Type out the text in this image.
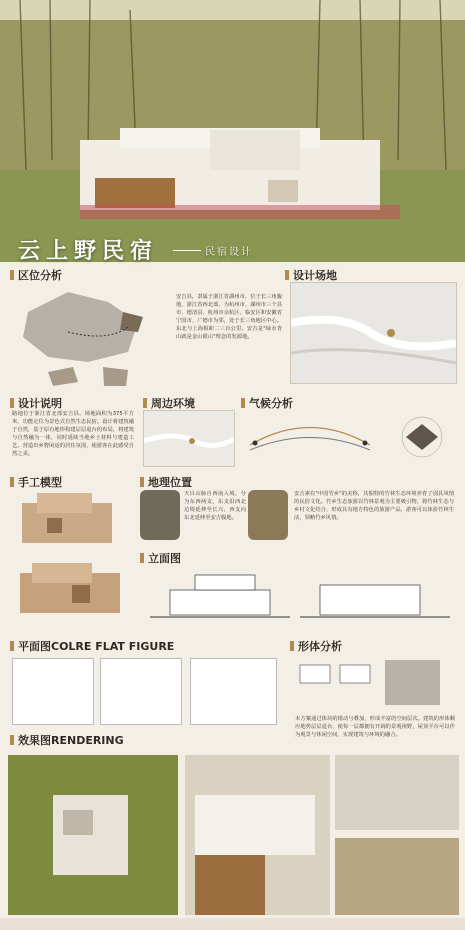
云上野民宿	民宿设计
区位分析
安吉县，隶属于浙江省湖州市，位于长三角腹地，浙江省西北部，为杭州市、湖州市三个县市、德清县、杭州市余杭区、临安区和安徽省宁国市、广德市为邻，处于长三角地区中心。东北与上海相距二三百公里。安吉是"绿水青山就是金山银山"理念的发源地。
设计场地
设计说明
路地位于浙江省北部安吉县。场地面积为375平方米，功能定位为景色式自然生态民宿。设计将建筑融于自然，基于原有地形构建层层退台的布局，将建筑与自然融为一体，同时延续当地乡土材料与建造工艺，营造出乡野闲适的居住氛围，使游客在此感受自然之美。
周边环境	气候分析
手工模型	地理位置
天目山脉自西南入境，分为东西两支，东支沿西北边境延伸至长兴，西支向东北延伸至安吉腹地。
安吉素有"中国竹乡"的美称，其独特的竹林生态环境养育了别具风情的民俗文化。竹乡生态旅游以竹林景观为主要吸引物，将竹林生态与乡村文化结合，形成具有地方特色的旅游产品，游客可以体验竹林生活，领略竹乡风情。
立面图
平面图COLRE FLAT FIGURE	形体分析
本方案通过体块的错动与叠加，形成丰富的空间层次。建筑的形体顺应地势层层退台，使每一层都拥有开阔的景观视野，屋顶平台可以作为观景与休闲空间，实现建筑与环境的融合。
效果图RENDERING
